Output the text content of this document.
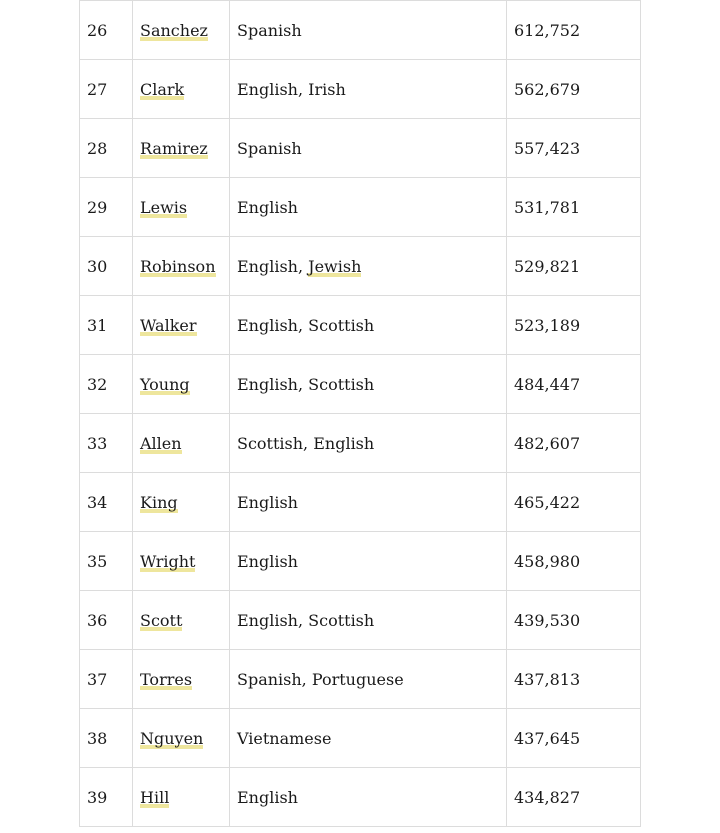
26	Sanchez	Spanish	612,752
27	Clark	English, Irish	562,679
28	Ramirez	Spanish	557,423
29	Lewis	English	531,781
30	Robinson	English, Jewish	529,821
31	Walker	English, Scottish	523,189
32	Young	English, Scottish	484,447
33	Allen	Scottish, English	482,607
34	King	English	465,422
35	Wright	English	458,980
36	Scott	English, Scottish	439,530
37	Torres	Spanish, Portuguese	437,813
38	Nguyen	Vietnamese	437,645
39	Hill	English	434,827
